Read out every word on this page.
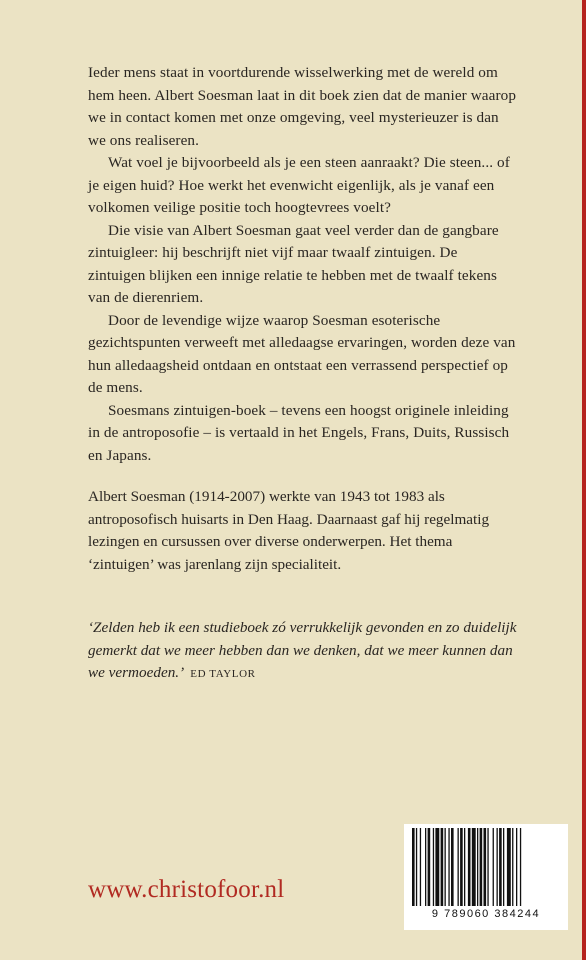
Ieder mens staat in voortdurende wisselwerking met de wereld om hem heen. Albert Soesman laat in dit boek zien dat de manier waarop we in contact komen met onze omgeving, veel mysterieuzer is dan we ons realiseren.

Wat voel je bijvoorbeeld als je een steen aanraakt? Die steen... of je eigen huid? Hoe werkt het evenwicht eigenlijk, als je vanaf een volkomen veilige positie toch hoogtevrees voelt?

Die visie van Albert Soesman gaat veel verder dan de gangbare zintuigleer: hij beschrijft niet vijf maar twaalf zintuigen. De zintuigen blijken een innige relatie te hebben met de twaalf tekens van de dierenriem.

Door de levendige wijze waarop Soesman esoterische gezichtspunten verweeft met alledaagse ervaringen, worden deze van hun alledaagsheid ontdaan en ontstaat een verrassend perspectief op de mens.

Soesmans zintuigen-boek – tevens een hoogst originele inleiding in de antroposofie – is vertaald in het Engels, Frans, Duits, Russisch en Japans.

Albert Soesman (1914-2007) werkte van 1943 tot 1983 als antroposofisch huisarts in Den Haag. Daarnaast gaf hij regelmatig lezingen en cursussen over diverse onderwerpen. Het thema ‘zintuigen’ was jarenlang zijn specialiteit.

‘Zelden heb ik een studieboek zó verrukkelijk gevonden en zo duidelijk gemerkt dat we meer hebben dan we denken, dat we meer kunnen dan we vermoeden.’ ED TAYLOR
www.christofoor.nl
9 789060 384244
